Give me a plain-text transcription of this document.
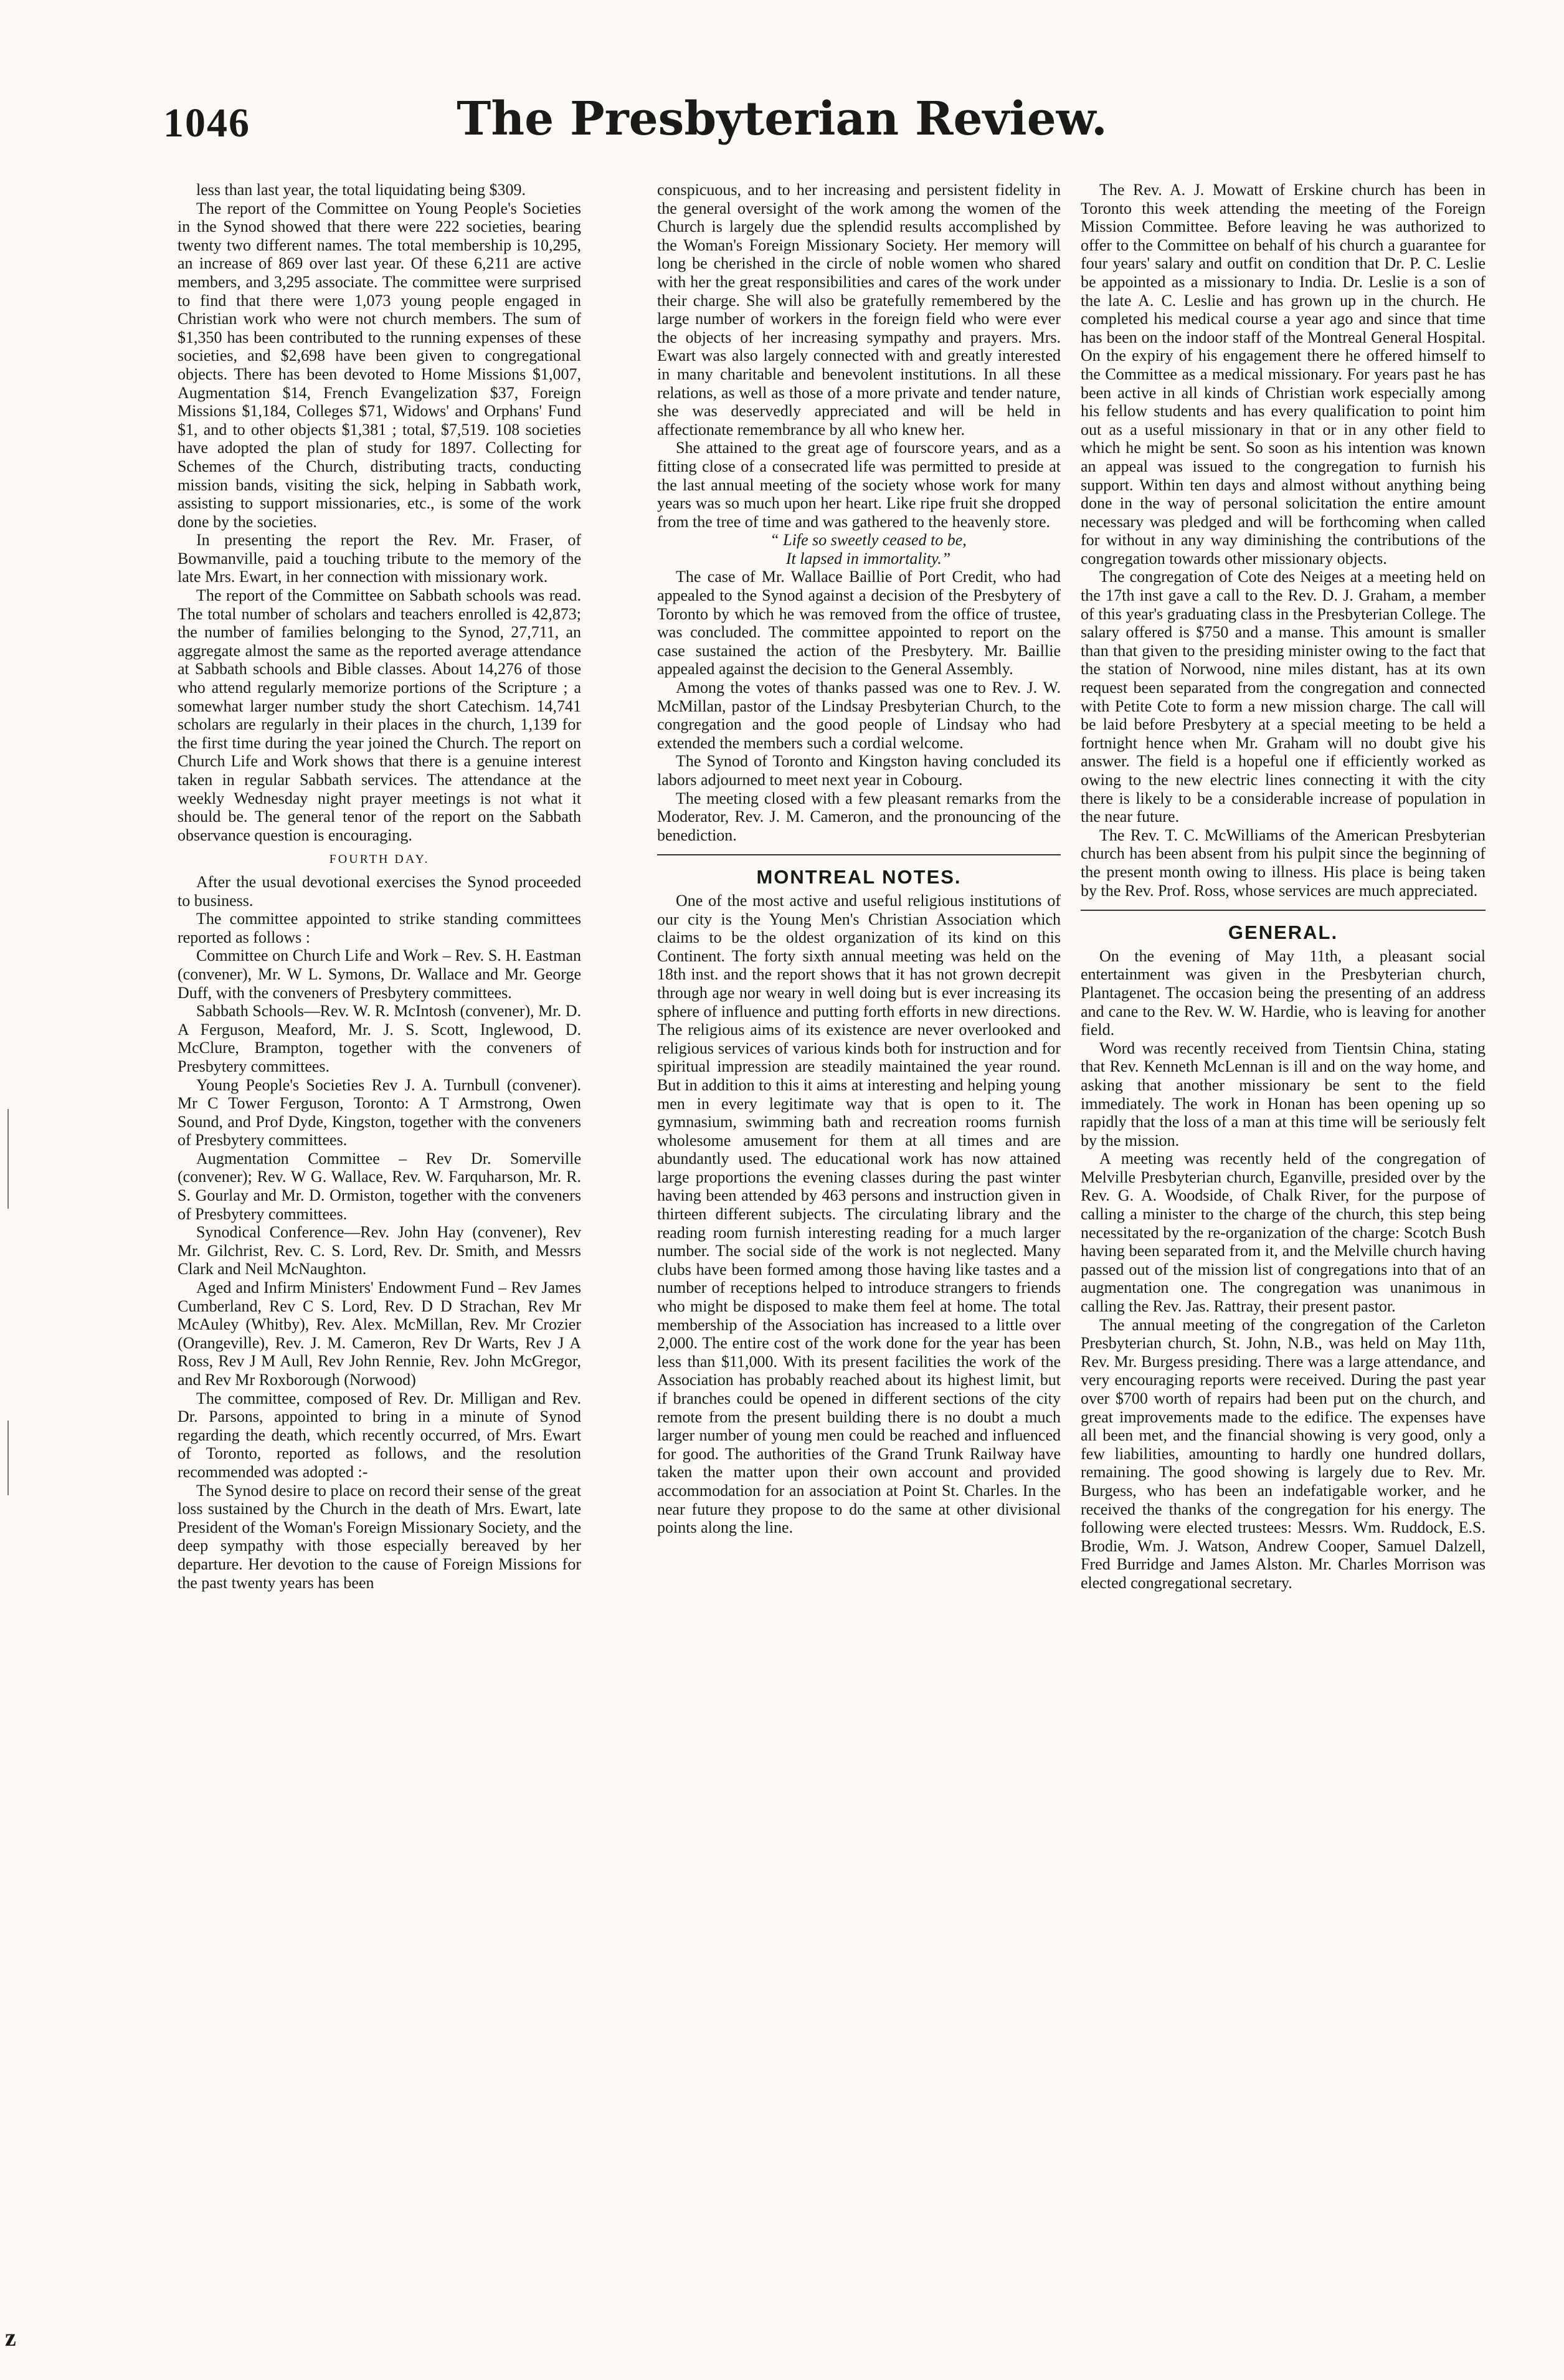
1046	The Presbyterian Review.

less than last year, the total liquidating being $309.

The report of the Committee on Young People's Societies in the Synod showed that there were 222 societies, bearing twenty two different names. The total membership is 10,295, an increase of 869 over last year. Of these 6,211 are active members, and 3,295 associate. The committee were surprised to find that there were 1,073 young people engaged in Christian work who were not church members. The sum of $1,350 has been contributed to the running expenses of these societies, and $2,698 have been given to congregational objects. There has been devoted to Home Missions $1,007, Augmentation $14, French Evangelization $37, Foreign Missions $1,184, Colleges $71, Widows' and Orphans' Fund $1, and to other objects $1,381 ; total, $7,519. 108 societies have adopted the plan of study for 1897. Collecting for Schemes of the Church, distributing tracts, conducting mission bands, visiting the sick, helping in Sabbath work, assisting to support missionaries, etc., is some of the work done by the societies.

In presenting the report the Rev. Mr. Fraser, of Bowmanville, paid a touching tribute to the memory of the late Mrs. Ewart, in her connection with missionary work.

The report of the Committee on Sabbath schools was read. The total number of scholars and teachers enrolled is 42,873; the number of families belonging to the Synod, 27,711, an aggregate almost the same as the reported average attendance at Sabbath schools and Bible classes. About 14,276 of those who attend regularly memorize portions of the Scripture ; a somewhat larger number study the short Catechism. 14,741 scholars are regularly in their places in the church, 1,139 for the first time during the year joined the Church. The report on Church Life and Work shows that there is a genuine interest taken in regular Sabbath services. The attendance at the weekly Wednesday night prayer meetings is not what it should be. The general tenor of the report on the Sabbath observance question is encouraging.

FOURTH DAY.

After the usual devotional exercises the Synod proceeded to business.

The committee appointed to strike standing committees reported as follows :

Committee on Church Life and Work – Rev. S. H. Eastman (convener), Mr. W L. Symons, Dr. Wallace and Mr. George Duff, with the conveners of Presbytery committees.

Sabbath Schools—Rev. W. R. McIntosh (convener), Mr. D. A Ferguson, Meaford, Mr. J. S. Scott, Inglewood, D. McClure, Brampton, together with the conveners of Presbytery committees.

Young People's Societies Rev J. A. Turnbull (convener). Mr C Tower Ferguson, Toronto: A T Armstrong, Owen Sound, and Prof Dyde, Kingston, together with the conveners of Presbytery committees.

Augmentation Committee – Rev Dr. Somerville (convener); Rev. W G. Wallace, Rev. W. Farquharson, Mr. R. S. Gourlay and Mr. D. Ormiston, together with the conveners of Presbytery committees.

Synodical Conference—Rev. John Hay (convener), Rev Mr. Gilchrist, Rev. C. S. Lord, Rev. Dr. Smith, and Messrs Clark and Neil McNaughton.

Aged and Infirm Ministers' Endowment Fund – Rev James Cumberland, Rev C S. Lord, Rev. D D Strachan, Rev Mr McAuley (Whitby), Rev. Alex. McMillan, Rev. Mr Crozier (Orangeville), Rev. J. M. Cameron, Rev Dr Warts, Rev J A Ross, Rev J M Aull, Rev John Rennie, Rev. John McGregor, and Rev Mr Roxborough (Norwood)

The committee, composed of Rev. Dr. Milligan and Rev. Dr. Parsons, appointed to bring in a minute of Synod regarding the death, which recently occurred, of Mrs. Ewart of Toronto, reported as follows, and the resolution recommended was adopted :-

The Synod desire to place on record their sense of the great loss sustained by the Church in the death of Mrs. Ewart, late President of the Woman's Foreign Missionary Society, and the deep sympathy with those especially bereaved by her departure. Her devotion to the cause of Foreign Missions for the past twenty years has been

conspicuous, and to her increasing and persistent fidelity in the general oversight of the work among the women of the Church is largely due the splendid results accomplished by the Woman's Foreign Missionary Society. Her memory will long be cherished in the circle of noble women who shared with her the great responsibilities and cares of the work under their charge. She will also be gratefully remembered by the large number of workers in the foreign field who were ever the objects of her increasing sympathy and prayers. Mrs. Ewart was also largely connected with and greatly interested in many charitable and benevolent institutions. In all these relations, as well as those of a more private and tender nature, she was deservedly appreciated and will be held in affectionate remembrance by all who knew her.

She attained to the great age of fourscore years, and as a fitting close of a consecrated life was permitted to preside at the last annual meeting of the society whose work for many years was so much upon her heart. Like ripe fruit she dropped from the tree of time and was gathered to the heavenly store.

“ Life so sweetly ceased to be,
It lapsed in immortality.”

The case of Mr. Wallace Baillie of Port Credit, who had appealed to the Synod against a decision of the Presbytery of Toronto by which he was removed from the office of trustee, was concluded. The committee appointed to report on the case sustained the action of the Presbytery. Mr. Baillie appealed against the decision to the General Assembly.

Among the votes of thanks passed was one to Rev. J. W. McMillan, pastor of the Lindsay Presbyterian Church, to the congregation and the good people of Lindsay who had extended the members such a cordial welcome.

The Synod of Toronto and Kingston having concluded its labors adjourned to meet next year in Cobourg.

The meeting closed with a few pleasant remarks from the Moderator, Rev. J. M. Cameron, and the pronouncing of the benediction.

MONTREAL NOTES.

One of the most active and useful religious institutions of our city is the Young Men's Christian Association which claims to be the oldest organization of its kind on this Continent. The forty sixth annual meeting was held on the 18th inst. and the report shows that it has not grown decrepit through age nor weary in well doing but is ever increasing its sphere of influence and putting forth efforts in new directions. The religious aims of its existence are never overlooked and religious services of various kinds both for instruction and for spiritual impression are steadily maintained the year round. But in addition to this it aims at interesting and helping young men in every legitimate way that is open to it. The gymnasium, swimming bath and recreation rooms furnish wholesome amusement for them at all times and are abundantly used. The educational work has now attained large proportions the evening classes during the past winter having been attended by 463 persons and instruction given in thirteen different subjects. The circulating library and the reading room furnish interesting reading for a much larger number. The social side of the work is not neglected. Many clubs have been formed among those having like tastes and a number of receptions helped to introduce strangers to friends who might be disposed to make them feel at home. The total membership of the Association has increased to a little over 2,000. The entire cost of the work done for the year has been less than $11,000. With its present facilities the work of the Association has probably reached about its highest limit, but if branches could be opened in different sections of the city remote from the present building there is no doubt a much larger number of young men could be reached and influenced for good. The authorities of the Grand Trunk Railway have taken the matter upon their own account and provided accommodation for an association at Point St. Charles. In the near future they propose to do the same at other divisional points along the line.

The Rev. A. J. Mowatt of Erskine church has been in Toronto this week attending the meeting of the Foreign Mission Committee. Before leaving he was authorized to offer to the Committee on behalf of his church a guarantee for four years' salary and outfit on condition that Dr. P. C. Leslie be appointed as a missionary to India. Dr. Leslie is a son of the late A. C. Leslie and has grown up in the church. He completed his medical course a year ago and since that time has been on the indoor staff of the Montreal General Hospital. On the expiry of his engagement there he offered himself to the Committee as a medical missionary. For years past he has been active in all kinds of Christian work especially among his fellow students and has every qualification to point him out as a useful missionary in that or in any other field to which he might be sent. So soon as his intention was known an appeal was issued to the congregation to furnish his support. Within ten days and almost without anything being done in the way of personal solicitation the entire amount necessary was pledged and will be forthcoming when called for without in any way diminishing the contributions of the congregation towards other missionary objects.

The congregation of Cote des Neiges at a meeting held on the 17th inst gave a call to the Rev. D. J. Graham, a member of this year's graduating class in the Presbyterian College. The salary offered is $750 and a manse. This amount is smaller than that given to the presiding minister owing to the fact that the station of Norwood, nine miles distant, has at its own request been separated from the congregation and connected with Petite Cote to form a new mission charge. The call will be laid before Presbytery at a special meeting to be held a fortnight hence when Mr. Graham will no doubt give his answer. The field is a hopeful one if efficiently worked as owing to the new electric lines connecting it with the city there is likely to be a considerable increase of population in the near future.

The Rev. T. C. McWilliams of the American Presbyterian church has been absent from his pulpit since the beginning of the present month owing to illness. His place is being taken by the Rev. Prof. Ross, whose services are much appreciated.

GENERAL.

On the evening of May 11th, a pleasant social entertainment was given in the Presbyterian church, Plantagenet. The occasion being the presenting of an address and cane to the Rev. W. W. Hardie, who is leaving for another field.

Word was recently received from Tientsin China, stating that Rev. Kenneth McLennan is ill and on the way home, and asking that another missionary be sent to the field immediately. The work in Honan has been opening up so rapidly that the loss of a man at this time will be seriously felt by the mission.

A meeting was recently held of the congregation of Melville Presbyterian church, Eganville, presided over by the Rev. G. A. Woodside, of Chalk River, for the purpose of calling a minister to the charge of the church, this step being necessitated by the re-organization of the charge: Scotch Bush having been separated from it, and the Melville church having passed out of the mission list of congregations into that of an augmentation one. The congregation was unanimous in calling the Rev. Jas. Rattray, their present pastor.

The annual meeting of the congregation of the Carleton Presbyterian church, St. John, N.B., was held on May 11th, Rev. Mr. Burgess presiding. There was a large attendance, and very encouraging reports were received. During the past year over $700 worth of repairs had been put on the church, and great improvements made to the edifice. The expenses have all been met, and the financial showing is very good, only a few liabilities, amounting to hardly one hundred dollars, remaining. The good showing is largely due to Rev. Mr. Burgess, who has been an indefatigable worker, and he received the thanks of the congregation for his energy. The following were elected trustees: Messrs. Wm. Ruddock, E.S. Brodie, Wm. J. Watson, Andrew Cooper, Samuel Dalzell, Fred Burridge and James Alston. Mr. Charles Morrison was elected congregational secretary.

z
